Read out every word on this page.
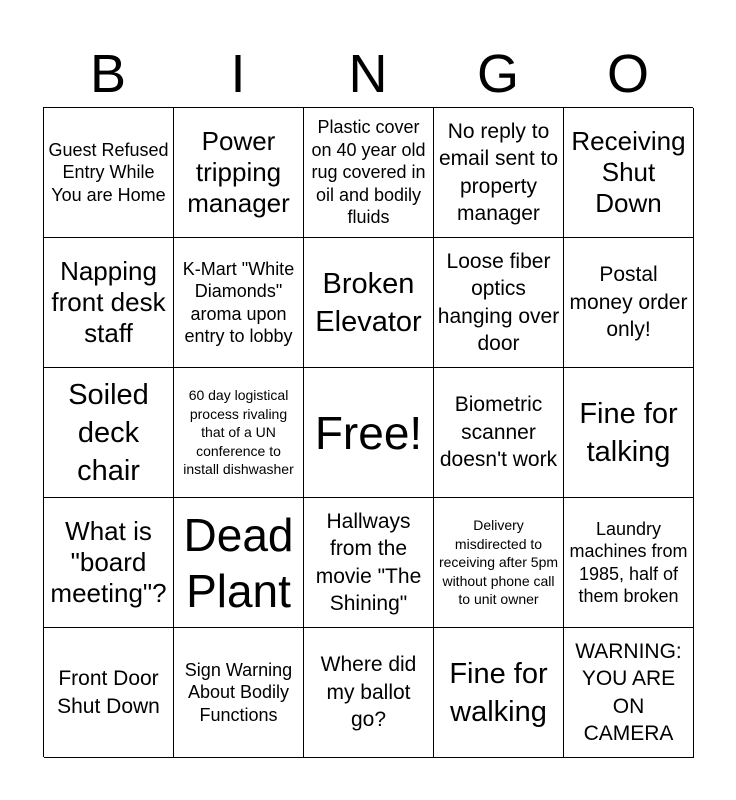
B	I	N	G	O
Guest Refused Entry While You are Home
Power tripping manager
Plastic cover on 40 year old rug covered in oil and bodily fluids
No reply to email sent to property manager
Receiving Shut Down
Napping front desk staff
K-Mart "White Diamonds" aroma upon entry to lobby
Broken Elevator
Loose fiber optics hanging over door
Postal money order only!
Soiled deck chair
60 day logistical process rivaling that of a UN conference to install dishwasher
Free!
Biometric scanner doesn't work
Fine for talking
What is "board meeting"?
Dead Plant
Hallways from the movie "The Shining"
Delivery misdirected to receiving after 5pm without phone call to unit owner
Laundry machines from 1985, half of them broken
Front Door Shut Down
Sign Warning About Bodily Functions
Where did my ballot go?
Fine for walking
WARNING: YOU ARE ON CAMERA
